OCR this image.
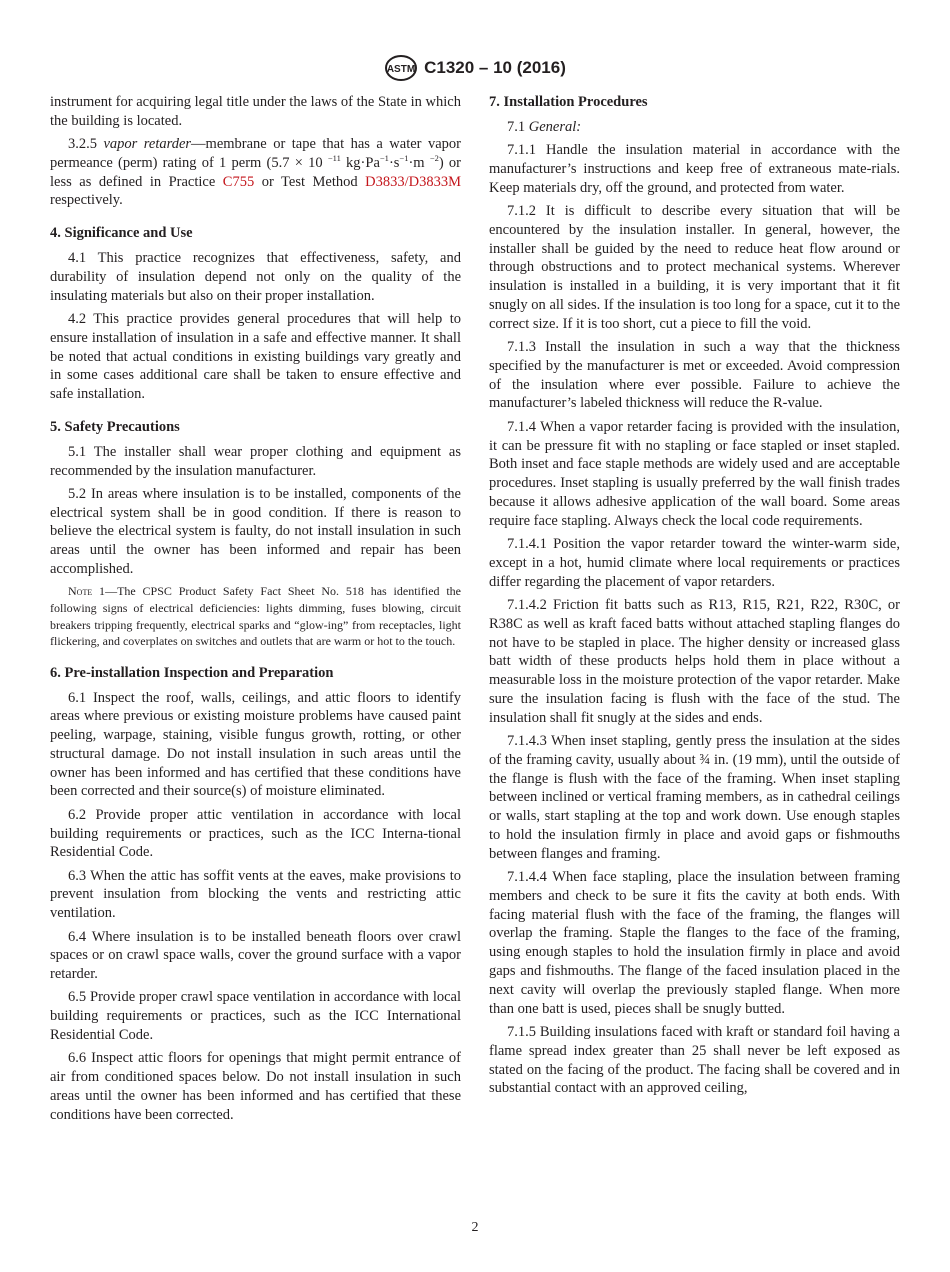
ASTM C1320 – 10 (2016)

instrument for acquiring legal title under the laws of the State in which the building is located.

3.2.5 vapor retarder—membrane or tape that has a water vapor permeance (perm) rating of 1 perm (5.7 × 10 $^{-11}$ $kg\cdot Pa^{-1}\cdot s^{-1}\cdot m$ $^{-2}$) or less as defined in Practice C755 or Test Method D3833/D3833M respectively.

4. Significance and Use

4.1 This practice recognizes that effectiveness, safety, and durability of insulation depend not only on the quality of the insulating materials but also on their proper installation.

4.2 This practice provides general procedures that will help to ensure installation of insulation in a safe and effective manner. It shall be noted that actual conditions in existing buildings vary greatly and in some cases additional care shall be taken to ensure effective and safe installation.

5. Safety Precautions

5.1 The installer shall wear proper clothing and equipment as recommended by the insulation manufacturer.

5.2 In areas where insulation is to be installed, components of the electrical system shall be in good condition. If there is reason to believe the electrical system is faulty, do not install insulation in such areas until the owner has been informed and repair has been accomplished.

Note 1—The CPSC Product Safety Fact Sheet No. 518 has identified the following signs of electrical deficiencies: lights dimming, fuses blowing, circuit breakers tripping frequently, electrical sparks and “glow-ing” from receptacles, light flickering, and coverplates on switches and outlets that are warm or hot to the touch.

6. Pre-installation Inspection and Preparation

6.1 Inspect the roof, walls, ceilings, and attic floors to identify areas where previous or existing moisture problems have caused paint peeling, warpage, staining, visible fungus growth, rotting, or other structural damage. Do not install insulation in such areas until the owner has been informed and has certified that these conditions have been corrected and their source(s) of moisture eliminated.

6.2 Provide proper attic ventilation in accordance with local building requirements or practices, such as the ICC Interna-tional Residential Code.

6.3 When the attic has soffit vents at the eaves, make provisions to prevent insulation from blocking the vents and restricting attic ventilation.

6.4 Where insulation is to be installed beneath floors over crawl spaces or on crawl space walls, cover the ground surface with a vapor retarder.

6.5 Provide proper crawl space ventilation in accordance with local building requirements or practices, such as the ICC International Residential Code.

6.6 Inspect attic floors for openings that might permit entrance of air from conditioned spaces below. Do not install insulation in such areas until the owner has been informed and has certified that these conditions have been corrected.

7. Installation Procedures

7.1 General:

7.1.1 Handle the insulation material in accordance with the manufacturer’s instructions and keep free of extraneous mate-rials. Keep materials dry, off the ground, and protected from water.

7.1.2 It is difficult to describe every situation that will be encountered by the insulation installer. In general, however, the installer shall be guided by the need to reduce heat flow around or through obstructions and to protect mechanical systems. Wherever insulation is installed in a building, it is very important that it fit snugly on all sides. If the insulation is too long for a space, cut it to the correct size. If it is too short, cut a piece to fill the void.

7.1.3 Install the insulation in such a way that the thickness specified by the manufacturer is met or exceeded. Avoid compression of the insulation where ever possible. Failure to achieve the manufacturer’s labeled thickness will reduce the R-value.

7.1.4 When a vapor retarder facing is provided with the insulation, it can be pressure fit with no stapling or face stapled or inset stapled. Both inset and face staple methods are widely used and are acceptable procedures. Inset stapling is usually preferred by the wall finish trades because it allows adhesive application of the wall board. Some areas require face stapling. Always check the local code requirements.

7.1.4.1 Position the vapor retarder toward the winter-warm side, except in a hot, humid climate where local requirements or practices differ regarding the placement of vapor retarders.

7.1.4.2 Friction fit batts such as R13, R15, R21, R22, R30C, or R38C as well as kraft faced batts without attached stapling flanges do not have to be stapled in place. The higher density or increased glass batt width of these products helps hold them in place without a measurable loss in the moisture protection of the vapor retarder. Make sure the insulation facing is flush with the face of the stud. The insulation shall fit snugly at the sides and ends.

7.1.4.3 When inset stapling, gently press the insulation at the sides of the framing cavity, usually about ¾ in. (19 mm), until the outside of the flange is flush with the face of the framing. When inset stapling between inclined or vertical framing members, as in cathedral ceilings or walls, start stapling at the top and work down. Use enough staples to hold the insulation firmly in place and avoid gaps or fishmouths between flanges and framing.

7.1.4.4 When face stapling, place the insulation between framing members and check to be sure it fits the cavity at both ends. With facing material flush with the face of the framing, the flanges will overlap the framing. Staple the flanges to the face of the framing, using enough staples to hold the insulation firmly in place and avoid gaps and fishmouths. The flange of the faced insulation placed in the next cavity will overlap the previously stapled flange. When more than one batt is used, pieces shall be snugly butted.

7.1.5 Building insulations faced with kraft or standard foil having a flame spread index greater than 25 shall never be left exposed as stated on the facing of the product. The facing shall be covered and in substantial contact with an approved ceiling,

2
